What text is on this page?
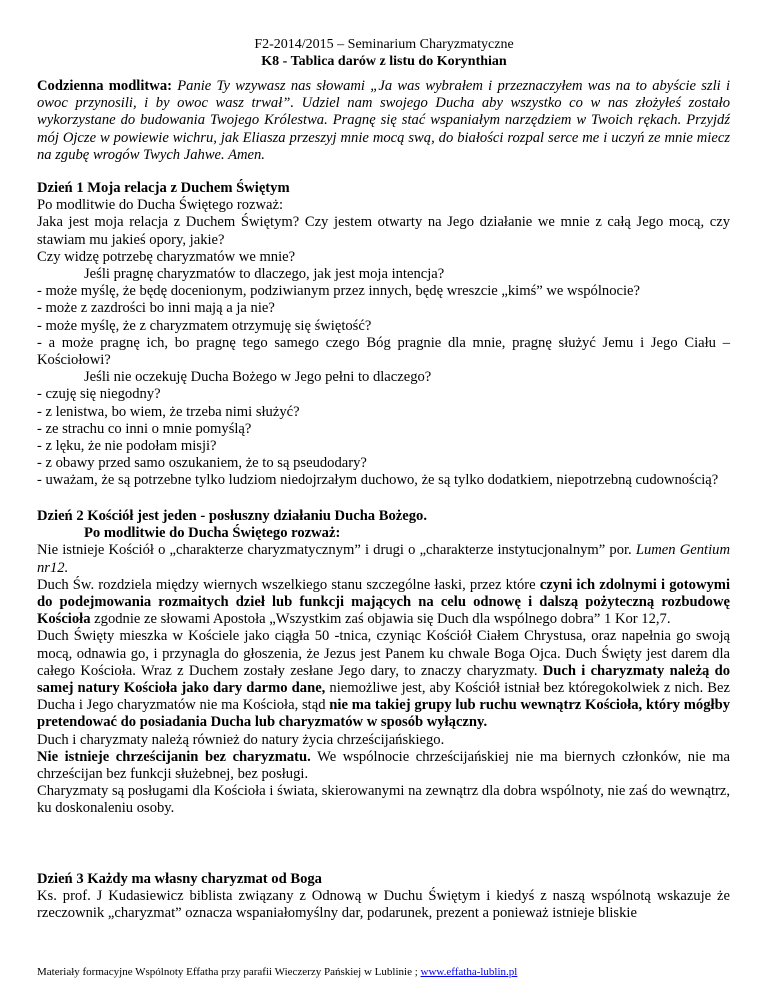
F2-2014/2015 – Seminarium Charyzmatyczne
K8 - Tablica darów z listu do Korynthian

Codzienna modlitwa: Panie Ty wzywasz nas słowami „Ja was wybrałem i przeznaczyłem was na to abyście szli i owoc przynosili, i by owoc wasz trwał”. Udziel nam swojego Ducha aby wszystko co w nas złożyłeś zostało wykorzystane do budowania Twojego Królestwa. Pragnę się stać wspaniałym narzędziem w Twoich rękach. Przyjdź mój Ojcze w powiewie wichru, jak Eliasza przeszyj mnie mocą swą, do białości rozpal serce me i uczyń ze mnie miecz na zgubę wrogów Twych Jahwe. Amen.

Dzień 1 Moja relacja z Duchem Świętym

Po modlitwie do Ducha Świętego rozważ:

Jaka jest moja relacja z Duchem Świętym? Czy jestem otwarty na Jego działanie we mnie z całą Jego mocą, czy stawiam mu jakieś opory, jakie?

Czy widzę potrzebę charyzmatów we mnie?

Jeśli pragnę charyzmatów to dlaczego, jak jest moja intencja?

- może myślę, że będę docenionym, podziwianym przez innych, będę wreszcie „kimś” we wspólnocie?

- może z zazdrości bo inni mają a ja nie?

- może myślę, że z charyzmatem otrzymuję się świętość?

- a może pragnę ich, bo pragnę tego samego czego Bóg pragnie dla mnie, pragnę służyć Jemu i Jego Ciału – Kościołowi?

Jeśli nie oczekuję Ducha Bożego w Jego pełni to dlaczego?

- czuję się niegodny?

- z lenistwa, bo wiem, że trzeba nimi służyć?

- ze strachu co inni o mnie pomyślą?

- z lęku, że nie podołam misji?

- z obawy przed samo oszukaniem, że to są pseudodary?

- uważam, że są potrzebne tylko ludziom niedojrzałym duchowo, że są tylko dodatkiem, niepotrzebną cudownością?

Dzień 2 Kościół jest jeden - posłuszny działaniu Ducha Bożego.

Po modlitwie do Ducha Świętego rozważ:

Nie istnieje Kościół o „charakterze charyzmatycznym” i drugi o „charakterze instytucjonalnym” por. Lumen Gentium nr12.

Duch Św. rozdziela między wiernych wszelkiego stanu szczególne łaski, przez które czyni ich zdolnymi i gotowymi do podejmowania rozmaitych dzieł lub funkcji mających na celu odnowę i dalszą pożyteczną rozbudowę Kościoła zgodnie ze słowami Apostoła „Wszystkim zaś objawia się Duch dla wspólnego dobra” 1 Kor 12,7.

Duch Święty mieszka w Kościele jako ciągła 50 -tnica, czyniąc Kościół Ciałem Chrystusa, oraz napełnia go swoją mocą, odnawia go, i przynagla do głoszenia, że Jezus jest Panem ku chwale Boga Ojca. Duch Święty jest darem dla całego Kościoła. Wraz z Duchem zostały zesłane Jego dary, to znaczy charyzmaty. Duch i charyzmaty należą do samej natury Kościoła jako dary darmo dane, niemożliwe jest, aby Kościół istniał bez któregokolwiek z nich. Bez Ducha i Jego charyzmatów nie ma Kościoła, stąd nie ma takiej grupy lub ruchu wewnątrz Kościoła, który mógłby pretendować do posiadania Ducha lub charyzmatów w sposób wyłączny.

Duch i charyzmaty należą również do natury życia chrześcijańskiego.

Nie istnieje chrześcijanin bez charyzmatu. We wspólnocie chrześcijańskiej nie ma biernych członków, nie ma chrześcijan bez funkcji służebnej, bez posługi.

Charyzmaty są posługami dla Kościoła i świata, skierowanymi na zewnątrz dla dobra wspólnoty, nie zaś do wewnątrz, ku doskonaleniu osoby.

Dzień 3 Każdy ma własny charyzmat od Boga

Ks. prof. J Kudasiewicz biblista związany z Odnową w Duchu Świętym i kiedyś z naszą wspólnotą wskazuje że rzeczownik „charyzmat” oznacza wspaniałomyślny dar, podarunek, prezent a ponieważ istnieje bliskie

Materiały formacyjne Wspólnoty Effatha przy parafii Wieczerzy Pańskiej w Lublinie ; www.effatha-lublin.pl
